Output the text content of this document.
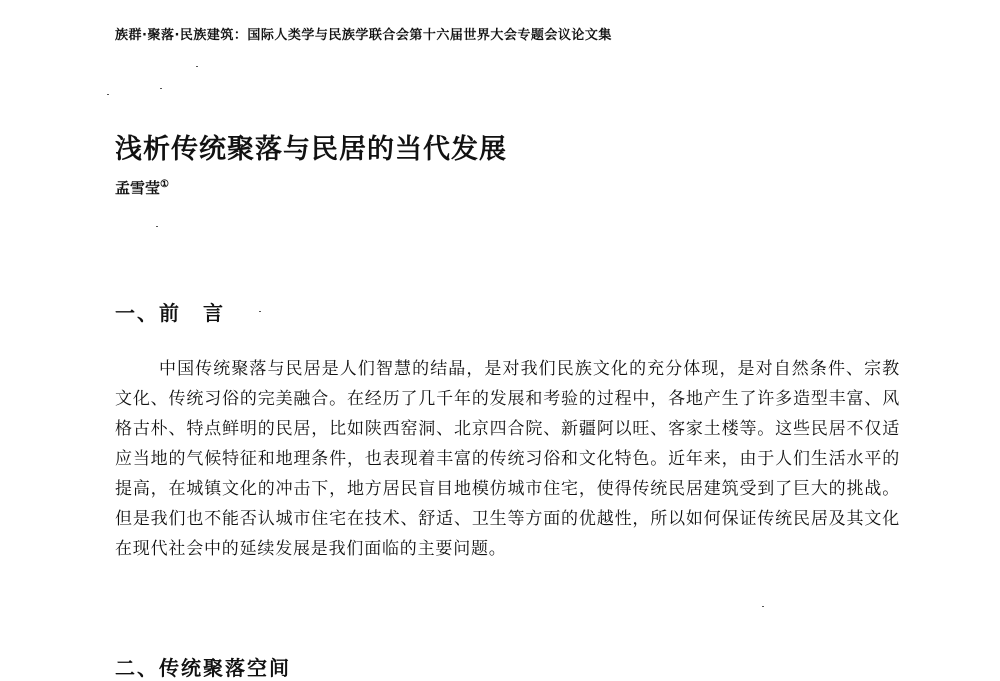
族群·聚落·民族建筑：国际人类学与民族学联合会第十六届世界大会专题会议论文集
浅析传统聚落与民居的当代发展
孟雪莹①
一、前　言

中国传统聚落与民居是人们智慧的结晶，是对我们民族文化的充分体现，是对自然条件、宗教文化、传统习俗的完美融合。在经历了几千年的发展和考验的过程中，各地产生了许多造型丰富、风格古朴、特点鲜明的民居，比如陕西窑洞、北京四合院、新疆阿以旺、客家土楼等。这些民居不仅适应当地的气候特征和地理条件，也表现着丰富的传统习俗和文化特色。近年来，由于人们生活水平的提高，在城镇文化的冲击下，地方居民盲目地模仿城市住宅，使得传统民居建筑受到了巨大的挑战。但是我们也不能否认城市住宅在技术、舒适、卫生等方面的优越性，所以如何保证传统民居及其文化在现代社会中的延续发展是我们面临的主要问题。

二、传统聚落空间
